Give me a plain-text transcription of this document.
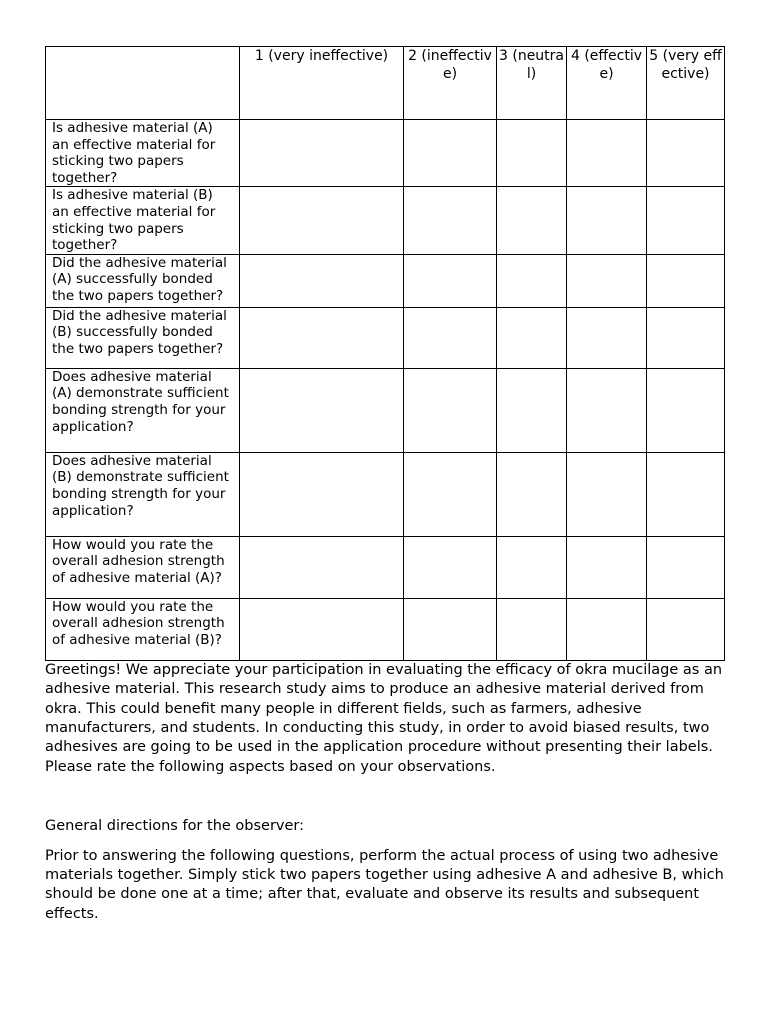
	1 (very ineffective)	2 (ineffective)	3 (neutral)	4 (effective)	5 (very effective)
Is adhesive material (A) an effective material for sticking two papers together?					
Is adhesive material (B) an effective material for sticking two papers together?					
Did the adhesive material (A) successfully bonded the two papers together?					
Did the adhesive material (B) successfully bonded the two papers together?					
Does adhesive material (A) demonstrate sufficient bonding strength for your application?					
Does adhesive material (B) demonstrate sufficient bonding strength for your application?					
How would you rate the overall adhesion strength of adhesive material (A)?					
How would you rate the overall adhesion strength of adhesive material (B)?					

Greetings! We appreciate your participation in evaluating the efficacy of okra mucilage as an adhesive material. This research study aims to produce an adhesive material derived from okra. This could benefit many people in different fields, such as farmers, adhesive manufacturers, and students. In conducting this study, in order to avoid biased results, two adhesives are going to be used in the application procedure without presenting their labels. Please rate the following aspects based on your observations.

General directions for the observer:

Prior to answering the following questions, perform the actual process of using two adhesive materials together. Simply stick two papers together using adhesive A and adhesive B, which should be done one at a time; after that, evaluate and observe its results and subsequent effects.
